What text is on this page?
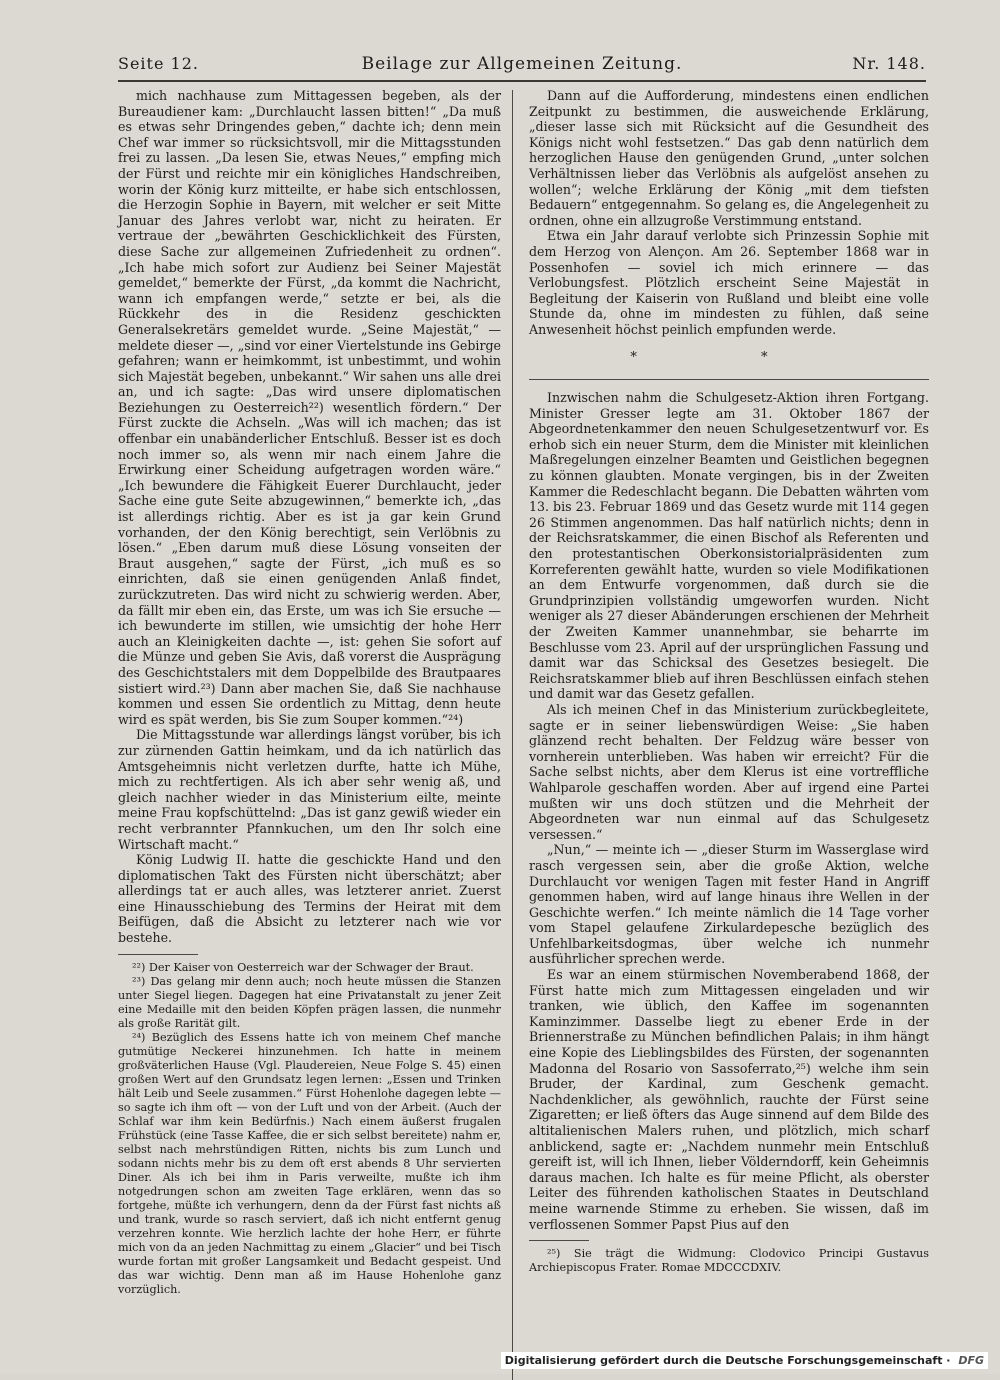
Seite 12.	Beilage zur Allgemeinen Zeitung.	Nr. 148.

mich nachhause zum Mittagessen begeben, als der Bureaudiener kam: „Durchlaucht lassen bitten!“ „Da muß es etwas sehr Dringendes geben,“ dachte ich; denn mein Chef war immer so rücksichtsvoll, mir die Mittagsstunden frei zu lassen. „Da lesen Sie, etwas Neues,“ empfing mich der Fürst und reichte mir ein königliches Handschreiben, worin der König kurz mitteilte, er habe sich entschlossen, die Herzogin Sophie in Bayern, mit welcher er seit Mitte Januar des Jahres verlobt war, nicht zu heiraten. Er vertraue der „bewährten Geschicklichkeit des Fürsten, diese Sache zur allgemeinen Zufriedenheit zu ordnen“. „Ich habe mich sofort zur Audienz bei Seiner Majestät gemeldet,“ bemerkte der Fürst, „da kommt die Nachricht, wann ich empfangen werde,“ setzte er bei, als die Rückkehr des in die Residenz geschickten Generalsekretärs gemeldet wurde. „Seine Majestät,“ — meldete dieser —, „sind vor einer Viertelstunde ins Gebirge gefahren; wann er heimkommt, ist unbestimmt, und wohin sich Majestät begeben, unbekannt.“ Wir sahen uns alle drei an, und ich sagte: „Das wird unsere diplomatischen Beziehungen zu Oesterreich²²) wesentlich fördern.“ Der Fürst zuckte die Achseln. „Was will ich machen; das ist offenbar ein unabänderlicher Entschluß. Besser ist es doch noch immer so, als wenn mir nach einem Jahre die Erwirkung einer Scheidung aufgetragen worden wäre.“ „Ich bewundere die Fähigkeit Euerer Durchlaucht, jeder Sache eine gute Seite abzugewinnen,“ bemerkte ich, „das ist allerdings richtig. Aber es ist ja gar kein Grund vorhanden, der den König berechtigt, sein Verlöbnis zu lösen.“ „Eben darum muß diese Lösung vonseiten der Braut ausgehen,“ sagte der Fürst, „ich muß es so einrichten, daß sie einen genügenden Anlaß findet, zurückzutreten. Das wird nicht zu schwierig werden. Aber, da fällt mir eben ein, das Erste, um was ich Sie ersuche — ich bewunderte im stillen, wie umsichtig der hohe Herr auch an Kleinigkeiten dachte —, ist: gehen Sie sofort auf die Münze und geben Sie Avis, daß vorerst die Ausprägung des Geschichtstalers mit dem Doppelbilde des Brautpaares sistiert wird.²³) Dann aber machen Sie, daß Sie nachhause kommen und essen Sie ordentlich zu Mittag, denn heute wird es spät werden, bis Sie zum Souper kommen.“²⁴)

Die Mittagsstunde war allerdings längst vorüber, bis ich zur zürnenden Gattin heimkam, und da ich natürlich das Amtsgeheimnis nicht verletzen durfte, hatte ich Mühe, mich zu rechtfertigen. Als ich aber sehr wenig aß, und gleich nachher wieder in das Ministerium eilte, meinte meine Frau kopfschüttelnd: „Das ist ganz gewiß wieder ein recht verbrannter Pfannkuchen, um den Ihr solch eine Wirtschaft macht.“

König Ludwig II. hatte die geschickte Hand und den diplomatischen Takt des Fürsten nicht überschätzt; aber allerdings tat er auch alles, was letzterer anriet. Zuerst eine Hinausschiebung des Termins der Heirat mit dem Beifügen, daß die Absicht zu letzterer nach wie vor bestehe.

²²) Der Kaiser von Oesterreich war der Schwager der Braut.

²³) Das gelang mir denn auch; noch heute müssen die Stanzen unter Siegel liegen. Dagegen hat eine Privatanstalt zu jener Zeit eine Medaille mit den beiden Köpfen prägen lassen, die nunmehr als große Rarität gilt.

²⁴) Bezüglich des Essens hatte ich von meinem Chef manche gutmütige Neckerei hinzunehmen. Ich hatte in meinem großväterlichen Hause (Vgl. Plaudereien, Neue Folge S. 45) einen großen Wert auf den Grundsatz legen lernen: „Essen und Trinken hält Leib und Seele zusammen.“ Fürst Hohenlohe dagegen lebte — so sagte ich ihm oft — von der Luft und von der Arbeit. (Auch der Schlaf war ihm kein Bedürfnis.) Nach einem äußerst frugalen Frühstück (eine Tasse Kaffee, die er sich selbst bereitete) nahm er, selbst nach mehrstündigen Ritten, nichts bis zum Lunch und sodann nichts mehr bis zu dem oft erst abends 8 Uhr servierten Diner. Als ich bei ihm in Paris verweilte, mußte ich ihm notgedrungen schon am zweiten Tage erklären, wenn das so fortgehe, müßte ich verhungern, denn da der Fürst fast nichts aß und trank, wurde so rasch serviert, daß ich nicht entfernt genug verzehren konnte. Wie herzlich lachte der hohe Herr, er führte mich von da an jeden Nachmittag zu einem „Glacier“ und bei Tisch wurde fortan mit großer Langsamkeit und Bedacht gespeist. Und das war wichtig. Denn man aß im Hause Hohenlohe ganz vorzüglich.

Dann auf die Aufforderung, mindestens einen endlichen Zeitpunkt zu bestimmen, die ausweichende Erklärung, „dieser lasse sich mit Rücksicht auf die Gesundheit des Königs nicht wohl festsetzen.“ Das gab denn natürlich dem herzoglichen Hause den genügenden Grund, „unter solchen Verhältnissen lieber das Verlöbnis als aufgelöst ansehen zu wollen“; welche Erklärung der König „mit dem tiefsten Bedauern“ entgegennahm. So gelang es, die Angelegenheit zu ordnen, ohne ein allzugroße Verstimmung entstand.

Etwa ein Jahr darauf verlobte sich Prinzessin Sophie mit dem Herzog von Alençon. Am 26. September 1868 war in Possenhofen — soviel ich mich erinnere — das Verlobungsfest. Plötzlich erscheint Seine Majestät in Begleitung der Kaiserin von Rußland und bleibt eine volle Stunde da, ohne im mindesten zu fühlen, daß seine Anwesenheit höchst peinlich empfunden werde.

* *

Inzwischen nahm die Schulgesetz-Aktion ihren Fortgang. Minister Gresser legte am 31. Oktober 1867 der Abgeordnetenkammer den neuen Schulgesetzentwurf vor. Es erhob sich ein neuer Sturm, dem die Minister mit kleinlichen Maßregelungen einzelner Beamten und Geistlichen begegnen zu können glaubten. Monate vergingen, bis in der Zweiten Kammer die Redeschlacht begann. Die Debatten währten vom 13. bis 23. Februar 1869 und das Gesetz wurde mit 114 gegen 26 Stimmen angenommen. Das half natürlich nichts; denn in der Reichsratskammer, die einen Bischof als Referenten und den protestantischen Oberkonsistorialpräsidenten zum Korreferenten gewählt hatte, wurden so viele Modifikationen an dem Entwurfe vorgenommen, daß durch sie die Grundprinzipien vollständig umgeworfen wurden. Nicht weniger als 27 dieser Abänderungen erschienen der Mehrheit der Zweiten Kammer unannehmbar, sie beharrte im Beschlusse vom 23. April auf der ursprünglichen Fassung und damit war das Schicksal des Gesetzes besiegelt. Die Reichsratskammer blieb auf ihren Beschlüssen einfach stehen und damit war das Gesetz gefallen.

Als ich meinen Chef in das Ministerium zurückbegleitete, sagte er in seiner liebenswürdigen Weise: „Sie haben glänzend recht behalten. Der Feldzug wäre besser von vornherein unterblieben. Was haben wir erreicht? Für die Sache selbst nichts, aber dem Klerus ist eine vortreffliche Wahlparole geschaffen worden. Aber auf irgend eine Partei mußten wir uns doch stützen und die Mehrheit der Abgeordneten war nun einmal auf das Schulgesetz versessen.“

„Nun,“ — meinte ich — „dieser Sturm im Wasserglase wird rasch vergessen sein, aber die große Aktion, welche Durchlaucht vor wenigen Tagen mit fester Hand in Angriff genommen haben, wird auf lange hinaus ihre Wellen in der Geschichte werfen.“ Ich meinte nämlich die 14 Tage vorher vom Stapel gelaufene Zirkulardepesche bezüglich des Unfehlbarkeitsdogmas, über welche ich nunmehr ausführlicher sprechen werde.

Es war an einem stürmischen Novemberabend 1868, der Fürst hatte mich zum Mittagessen eingeladen und wir tranken, wie üblich, den Kaffee im sogenannten Kaminzimmer. Dasselbe liegt zu ebener Erde in der Briennerstraße zu München befindlichen Palais; in ihm hängt eine Kopie des Lieblingsbildes des Fürsten, der sogenannten Madonna del Rosario von Sassoferrato,²⁵) welche ihm sein Bruder, der Kardinal, zum Geschenk gemacht. Nachdenklicher, als gewöhnlich, rauchte der Fürst seine Zigaretten; er ließ öfters das Auge sinnend auf dem Bilde des altitalienischen Malers ruhen, und plötzlich, mich scharf anblickend, sagte er: „Nachdem nunmehr mein Entschluß gereift ist, will ich Ihnen, lieber Völderndorff, kein Geheimnis daraus machen. Ich halte es für meine Pflicht, als oberster Leiter des führenden katholischen Staates in Deutschland meine warnende Stimme zu erheben. Sie wissen, daß im verflossenen Sommer Papst Pius auf den

²⁵) Sie trägt die Widmung: Clodovico Principi Gustavus Archiepiscopus Frater. Romae MDCCCDXIV.

Digitalisierung gefördert durch die Deutsche Forschungsgemeinschaft · DFG
